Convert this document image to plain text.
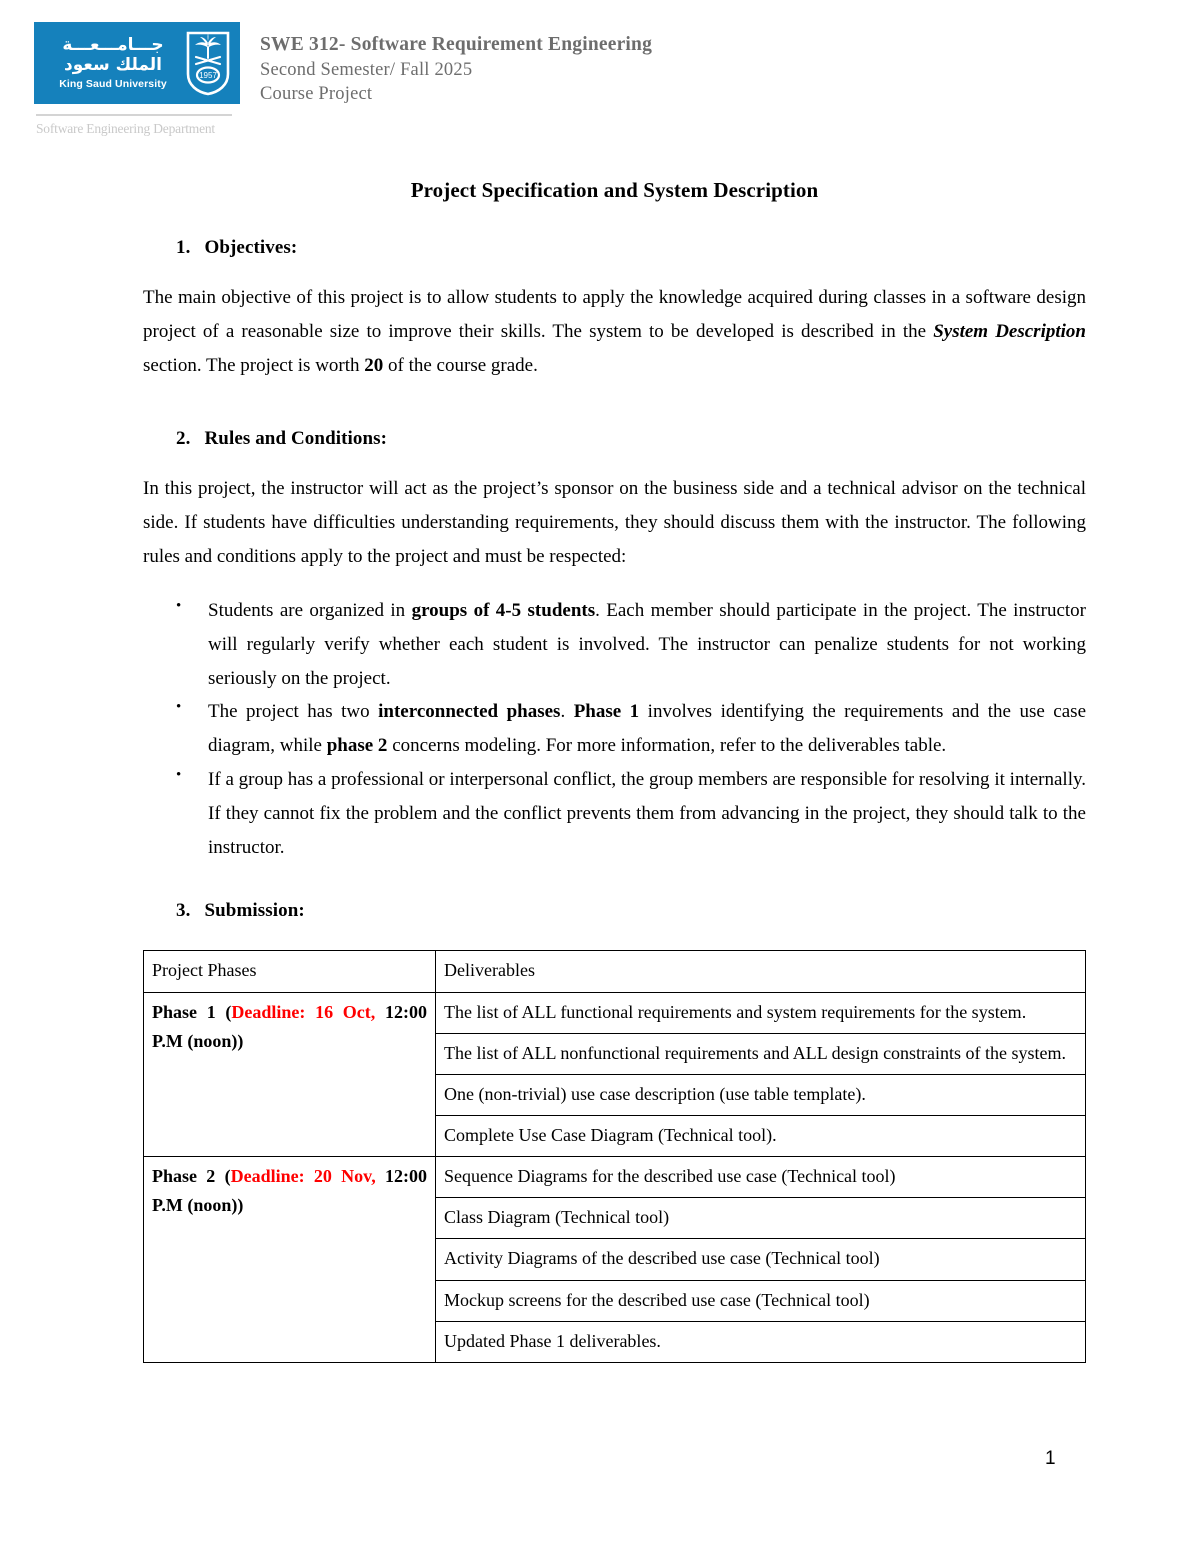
جـــامـــعـــة
الملك سعود
King Saud University
1957
Software Engineering Department
SWE 312- Software Requirement Engineering
Second Semester/ Fall 2025
Course Project
Project Specification and System Description
1. Objectives:

The main objective of this project is to allow students to apply the knowledge acquired during classes in a software design project of a reasonable size to improve their skills. The system to be developed is described in the System Description section. The project is worth 20 of the course grade.

2. Rules and Conditions:

In this project, the instructor will act as the project’s sponsor on the business side and a technical advisor on the technical side. If students have difficulties understanding requirements, they should discuss them with the instructor. The following rules and conditions apply to the project and must be respected:

• Students are organized in groups of 4-5 students. Each member should participate in the project. The instructor will regularly verify whether each student is involved. The instructor can penalize students for not working seriously on the project.
• The project has two interconnected phases. Phase 1 involves identifying the requirements and the use case diagram, while phase 2 concerns modeling. For more information, refer to the deliverables table.
• If a group has a professional or interpersonal conflict, the group members are responsible for resolving it internally. If they cannot fix the problem and the conflict prevents them from advancing in the project, they should talk to the instructor.
3. Submission:
Project Phases	Deliverables
Phase 1 (Deadline: 16 Oct, 12:00 P.M (noon))	The list of ALL functional requirements and system requirements for the system.
	The list of ALL nonfunctional requirements and ALL design constraints of the system.
	One (non-trivial) use case description (use table template).
	Complete Use Case Diagram (Technical tool).
Phase 2 (Deadline: 20 Nov, 12:00 P.M (noon))	Sequence Diagrams for the described use case (Technical tool)
	Class Diagram (Technical tool)
	Activity Diagrams of the described use case (Technical tool)
	Mockup screens for the described use case (Technical tool)
	Updated Phase 1 deliverables.
1
